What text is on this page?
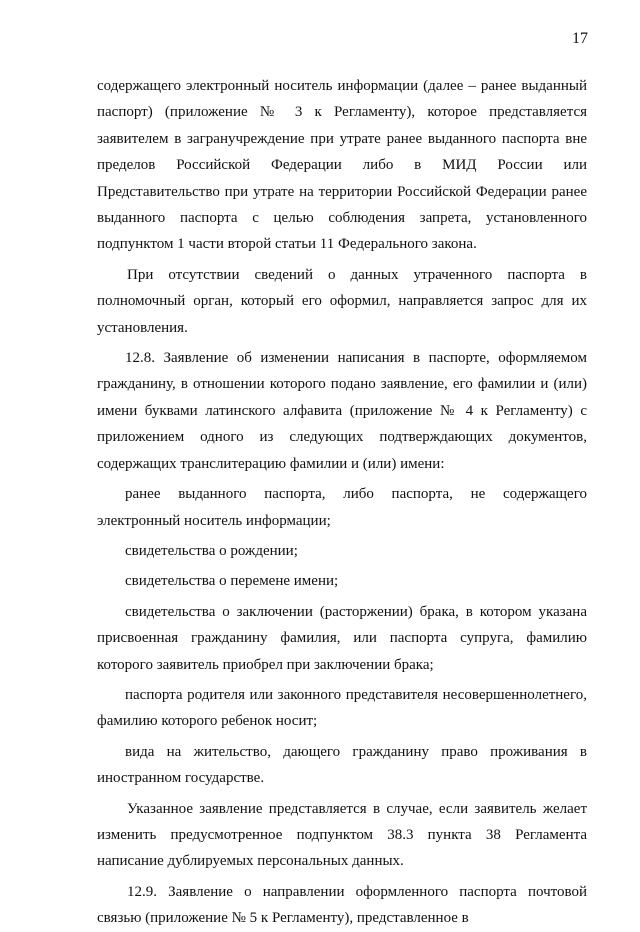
17

содержащего электронный носитель информации (далее – ранее выданный паспорт) (приложение № 3 к Регламенту), которое представляется заявителем в загранучреждение при утрате ранее выданного паспорта вне пределов Российской Федерации либо в МИД России или Представительство при утрате на территории Российской Федерации ранее выданного паспорта с целью соблюдения запрета, установленного подпунктом 1 части второй статьи 11 Федерального закона.

При отсутствии сведений о данных утраченного паспорта в полномочный орган, который его оформил, направляется запрос для их установления.

12.8. Заявление об изменении написания в паспорте, оформляемом гражданину, в отношении которого подано заявление, его фамилии и (или) имени буквами латинского алфавита (приложение № 4 к Регламенту) с приложением одного из следующих подтверждающих документов, содержащих транслитерацию фамилии и (или) имени:

ранее выданного паспорта, либо паспорта, не содержащего электронный носитель информации;

свидетельства о рождении;

свидетельства о перемене имени;

свидетельства о заключении (расторжении) брака, в котором указана присвоенная гражданину фамилия, или паспорта супруга, фамилию которого заявитель приобрел при заключении брака;

паспорта родителя или законного представителя несовершеннолетнего, фамилию которого ребенок носит;

вида на жительство, дающего гражданину право проживания в иностранном государстве.

Указанное заявление представляется в случае, если заявитель желает изменить предусмотренное подпунктом 38.3 пункта 38 Регламента написание дублируемых персональных данных.

12.9. Заявление о направлении оформленного паспорта почтовой связью (приложение № 5 к Регламенту), представленное в
